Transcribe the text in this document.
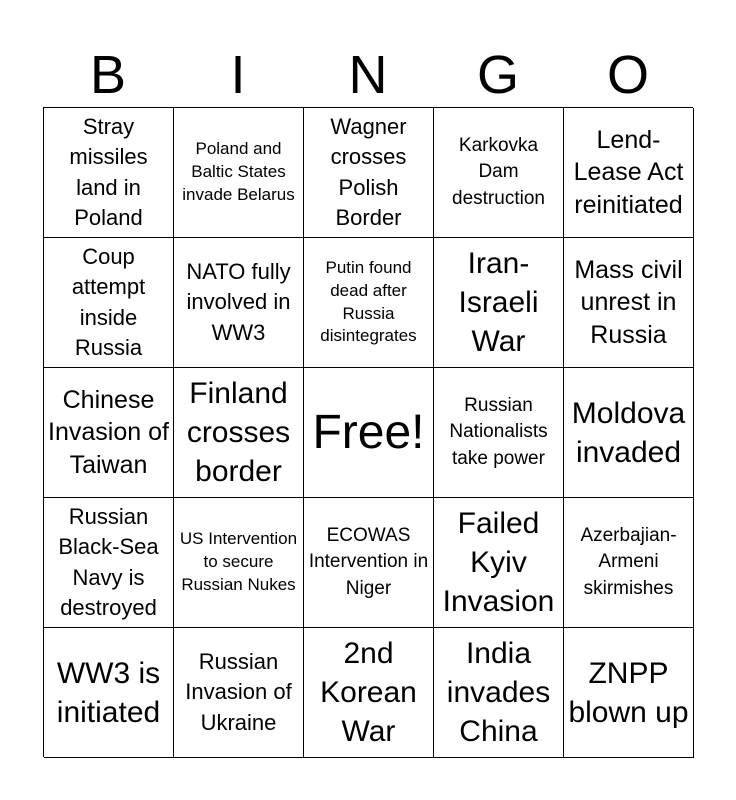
B	I	N	G	O
Stray missiles land in Poland
Poland and Baltic States invade Belarus
Wagner crosses Polish Border
Karkovka Dam destruction
Lend-Lease Act reinitiated
Coup attempt inside Russia
NATO fully involved in WW3
Putin found dead after Russia disintegrates
Iran-Israeli War
Mass civil unrest in Russia
Chinese Invasion of Taiwan
Finland crosses border
Free!
Russian Nationalists take power
Moldova invaded
Russian Black-Sea Navy is destroyed
US Intervention to secure Russian Nukes
ECOWAS Intervention in Niger
Failed Kyiv Invasion
Azerbajian-Armeni skirmishes
WW3 is initiated
Russian Invasion of Ukraine
2nd Korean War
India invades China
ZNPP blown up
